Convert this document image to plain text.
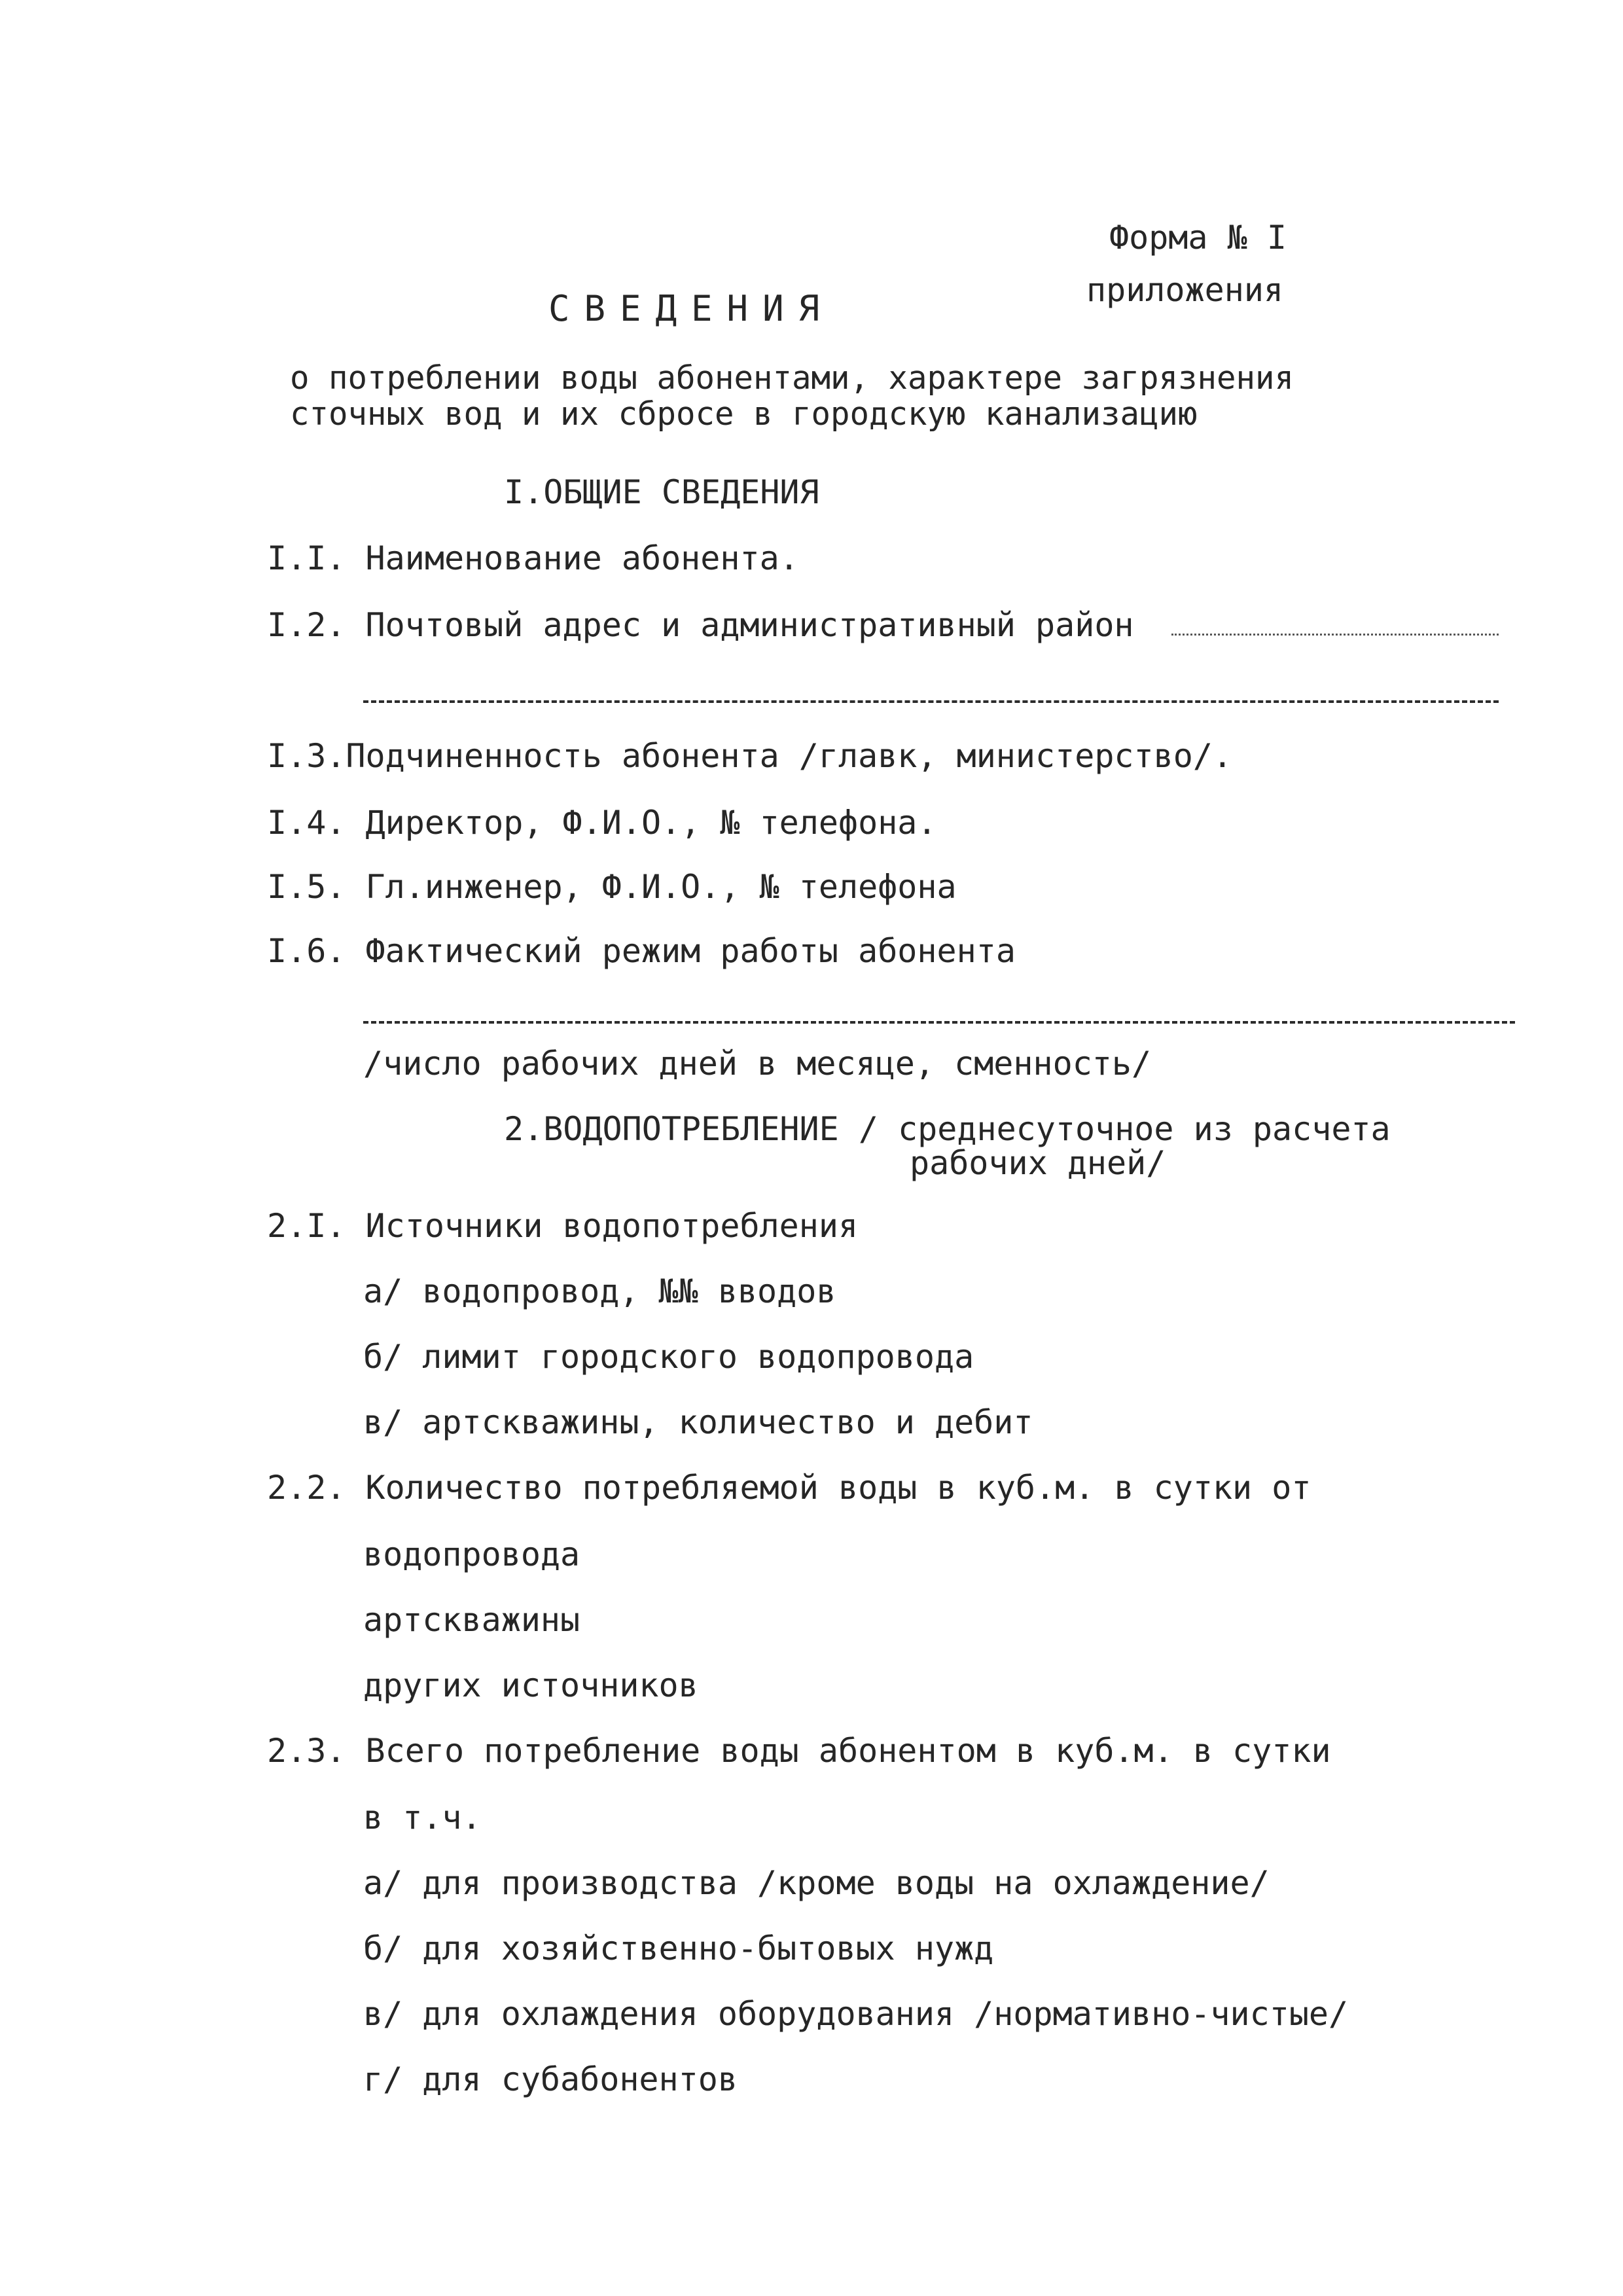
Форма № I
приложения
СВЕДЕНИЯ
о потреблении воды абонентами, характере загрязнения
сточных вод и их сбросе в городскую канализацию
I.ОБЩИЕ СВЕДЕНИЯ
I.I. Наименование абонента.
I.2. Почтовый адрес и административный район
I.3.Подчиненность абонента /главк, министерство/.
I.4. Директор, Ф.И.О., № телефона.
I.5. Гл.инженер, Ф.И.О., № телефона
I.6. Фактический режим работы абонента
/число рабочих дней в месяце, сменность/
2.ВОДОПОТРЕБЛЕНИЕ / среднесуточное из расчета
рабочих дней/
2.I. Источники водопотребления
а/ водопровод, №№ вводов
б/ лимит городского водопровода
в/ артскважины, количество и дебит
2.2. Количество потребляемой воды в куб.м. в сутки от
водопровода
артскважины
других источников
2.3. Всего потребление воды абонентом в куб.м. в сутки
в т.ч.
а/ для производства /кроме воды на охлаждение/
б/ для хозяйственно-бытовых нужд
в/ для охлаждения оборудования /нормативно-чистые/
г/ для субабонентов
